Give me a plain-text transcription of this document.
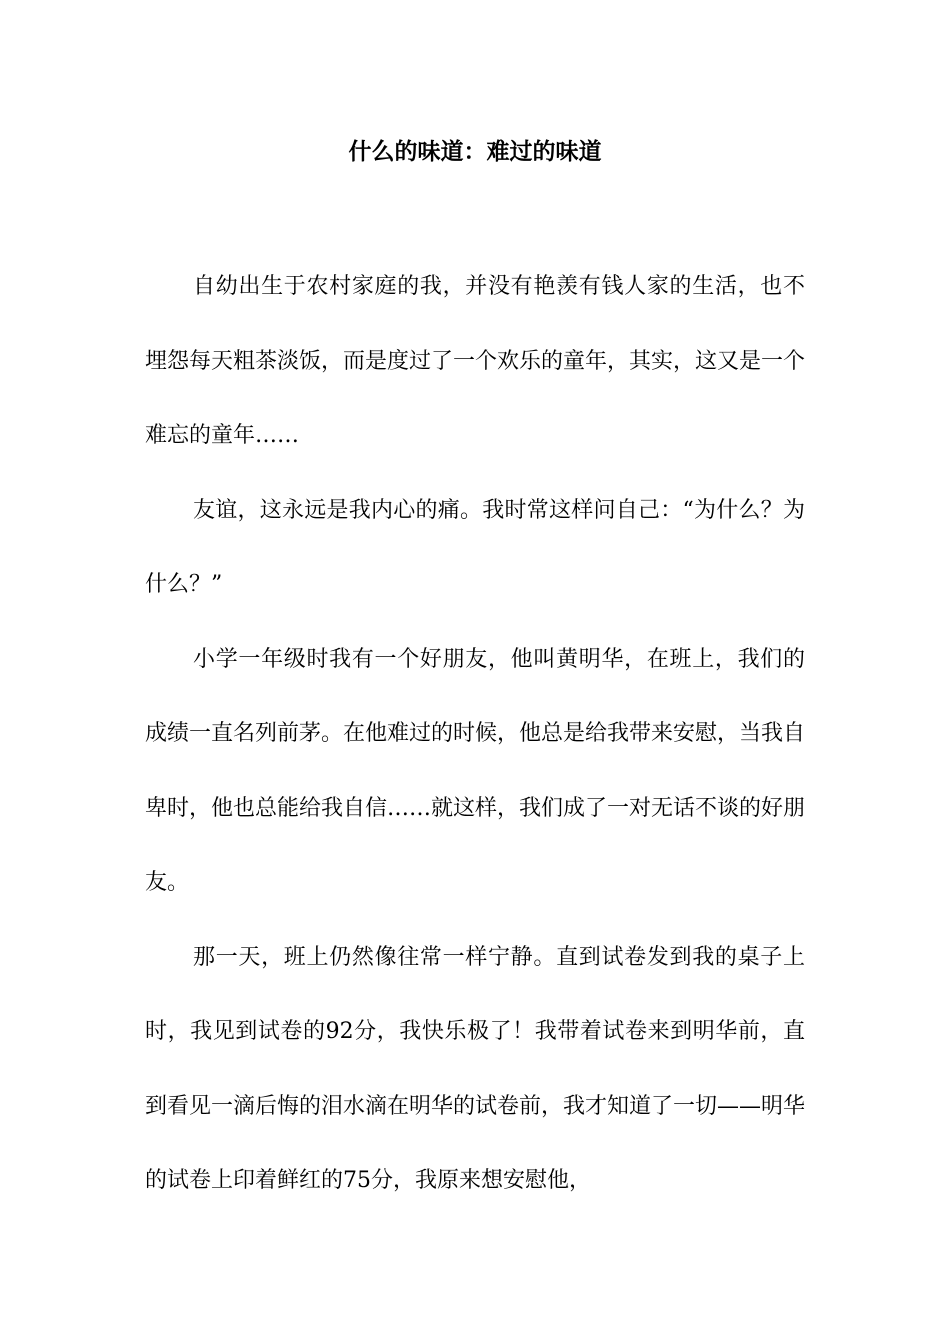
什么的味道：难过的味道

自幼出生于农村家庭的我，并没有艳羡有钱人家的生活，也不埋怨每天粗茶淡饭，而是度过了一个欢乐的童年，其实，这又是一个难忘的童年……

友谊，这永远是我内心的痛。我时常这样问自己：“为什么？为什么？”

小学一年级时我有一个好朋友，他叫黄明华，在班上，我们的成绩一直名列前茅。在他难过的时候，他总是给我带来安慰，当我自卑时，他也总能给我自信……就这样，我们成了一对无话不谈的好朋友。

那一天，班上仍然像往常一样宁静。直到试卷发到我的桌子上时，我见到试卷的92分，我快乐极了！我带着试卷来到明华前，直到看见一滴后悔的泪水滴在明华的试卷前，我才知道了一切——明华的试卷上印着鲜红的75分，我原来想安慰他，
